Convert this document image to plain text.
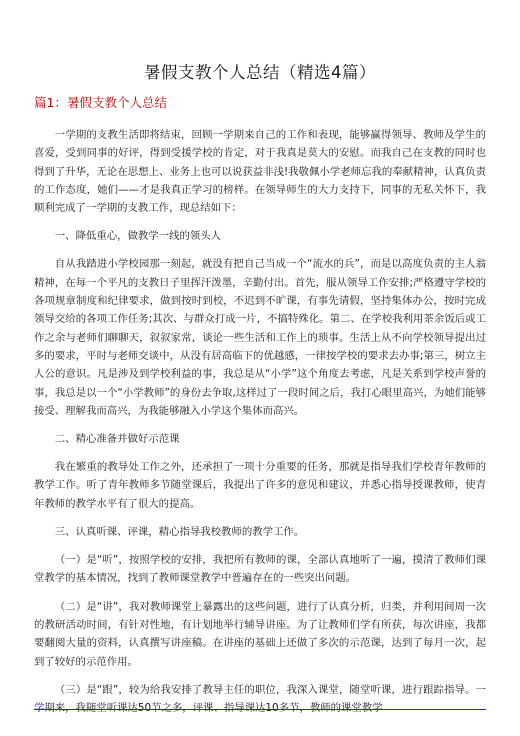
暑假支教个人总结（精选4篇）
篇1：暑假支教个人总结

一学期的支教生活即将结束，回顾一学期来自己的工作和表现，能够赢得领导、教师及学生的喜爱，受到同事的好评，得到受援学校的肯定，对于我真是莫大的安慰。而我自己在支教的同时也得到了升华，无论在思想上、业务上也可以说获益非浅!我敬佩小学老师忘我的奉献精神，认真负责的工作态度，她们——才是我真正学习的榜样。在领导师生的大力支持下，同事的无私关怀下，我顺利完成了一学期的支教工作，现总结如下：

一、降低重心，做教学一线的领头人

自从我踏进小学校园那一刻起，就没有把自己当成一个“流水的兵”，而是以高度负责的主人翁精神，在每一个平凡的支教日子里挥汗泼墨，辛勤付出。首先，服从领导工作安排;严格遵守学校的各项规章制度和纪律要求，做到按时到校，不迟到不旷课，有事先请假，坚持集体办公，按时完成领导交给的各项工作任务;其次、与群众打成一片，不搞特殊化。第二、在学校我利用茶余饭后或工作之余与老师们聊聊天，叙叙家常，谈论一些生活和工作上的琐事。生活上从不向学校领导提出过多的要求，平时与老师交谈中，从没有居高临下的优越感，一律按学校的要求去办事;第三，树立主人公的意识。凡是涉及到学校利益的事，我总是从“小学”这个角度去考虑，凡是关系到学校声誉的事，我总是以一个“小学教师”的身份去争取,这样过了一段时间之后，我打心眼里高兴，为她们能够接受、理解我而高兴，为我能够融入小学这个集体而高兴。

二、精心准备并做好示范课

我在繁重的教导处工作之外，还承担了一项十分重要的任务，那就是指导我们学校青年教师的教学工作。听了青年教师多节随堂课后，我提出了许多的意见和建议，并悉心指导授课教师，使青年教师的教学水平有了很大的提高。

三、认真听课、评课，精心指导我校教师的教学工作。

（一）是“听”，按照学校的安排，我把所有教师的课，全部认真地听了一遍，摸清了教师们课堂教学的基本情况，找到了教师课堂教学中普遍存在的一些突出问题。

（二）是“讲”，我对教师课堂上暴露出的这些问题，进行了认真分析，归类，并利用间周一次的教研活动时间，有针对性地，有计划地举行辅导讲座。为了让教师们学有所获，每次讲座，我都要翻阅大量的资料，认真撰写讲座稿。在讲座的基础上还做了多次的示范课，达到了每月一次，起到了较好的示范作用。

（三）是“跟”，较为给我安排了教导主任的职位，我深入课堂，随堂听课，进行跟踪指导。一学期来，我随堂听课达50节之多，评课、指导课达10多节，教师的课堂教学
